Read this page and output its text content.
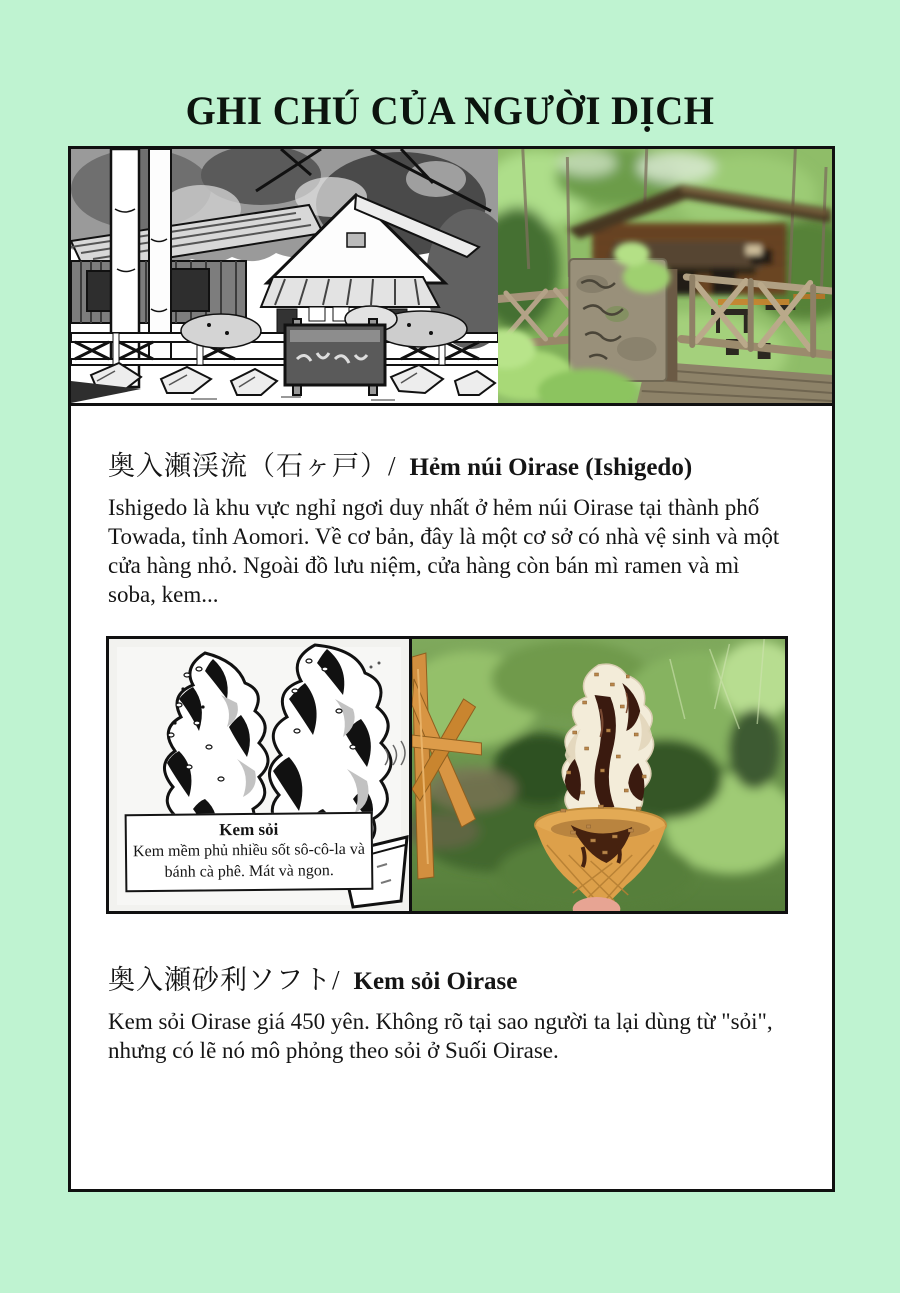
GHI CHÚ CỦA NGƯỜI DỊCH
奥入瀬渓流（石ヶ戸）/ Hẻm núi Oirase (Ishigedo)

Ishigedo là khu vực nghỉ ngơi duy nhất ở hẻm núi Oirase tại thành phố Towada, tỉnh Aomori. Về cơ bản, đây là một cơ sở có nhà vệ sinh và một cửa hàng nhỏ. Ngoài đồ lưu niệm, cửa hàng còn bán mì ramen và mì soba, kem...

Kem sỏi
Kem mềm phủ nhiều sốt sô-cô-la và bánh cà phê. Mát và ngon.
奥入瀬砂利ソフト/ Kem sỏi Oirase

Kem sỏi Oirase giá 450 yên. Không rõ tại sao người ta lại dùng từ "sỏi", nhưng có lẽ nó mô phỏng theo sỏi ở Suối Oirase.
